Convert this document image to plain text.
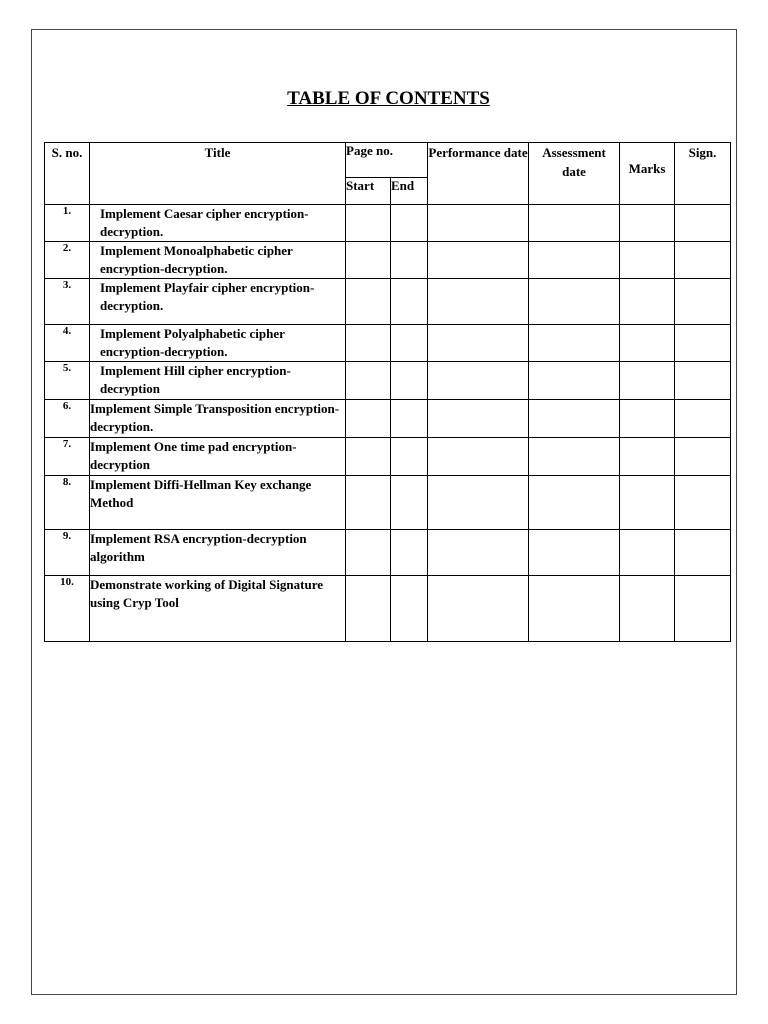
TABLE OF CONTENTS
S. no.	Title	Page no.		Performance date	Assessment date	Marks	Sign.
		Start	End				
1.	Implement Caesar cipher encryption-decryption.						
2.	Implement Monoalphabetic cipher encryption-decryption.						
3.	Implement Playfair cipher encryption-decryption.						
4.	Implement Polyalphabetic cipher encryption-decryption.						
5.	Implement Hill cipher encryption-decryption						
6.	Implement Simple Transposition encryption-decryption.						
7.	Implement One time pad encryption-decryption						
8.	Implement Diffi-Hellman Key exchange Method						
9.	Implement RSA encryption-decryption algorithm						
10.	Demonstrate working of Digital Signature using Cryp Tool						
